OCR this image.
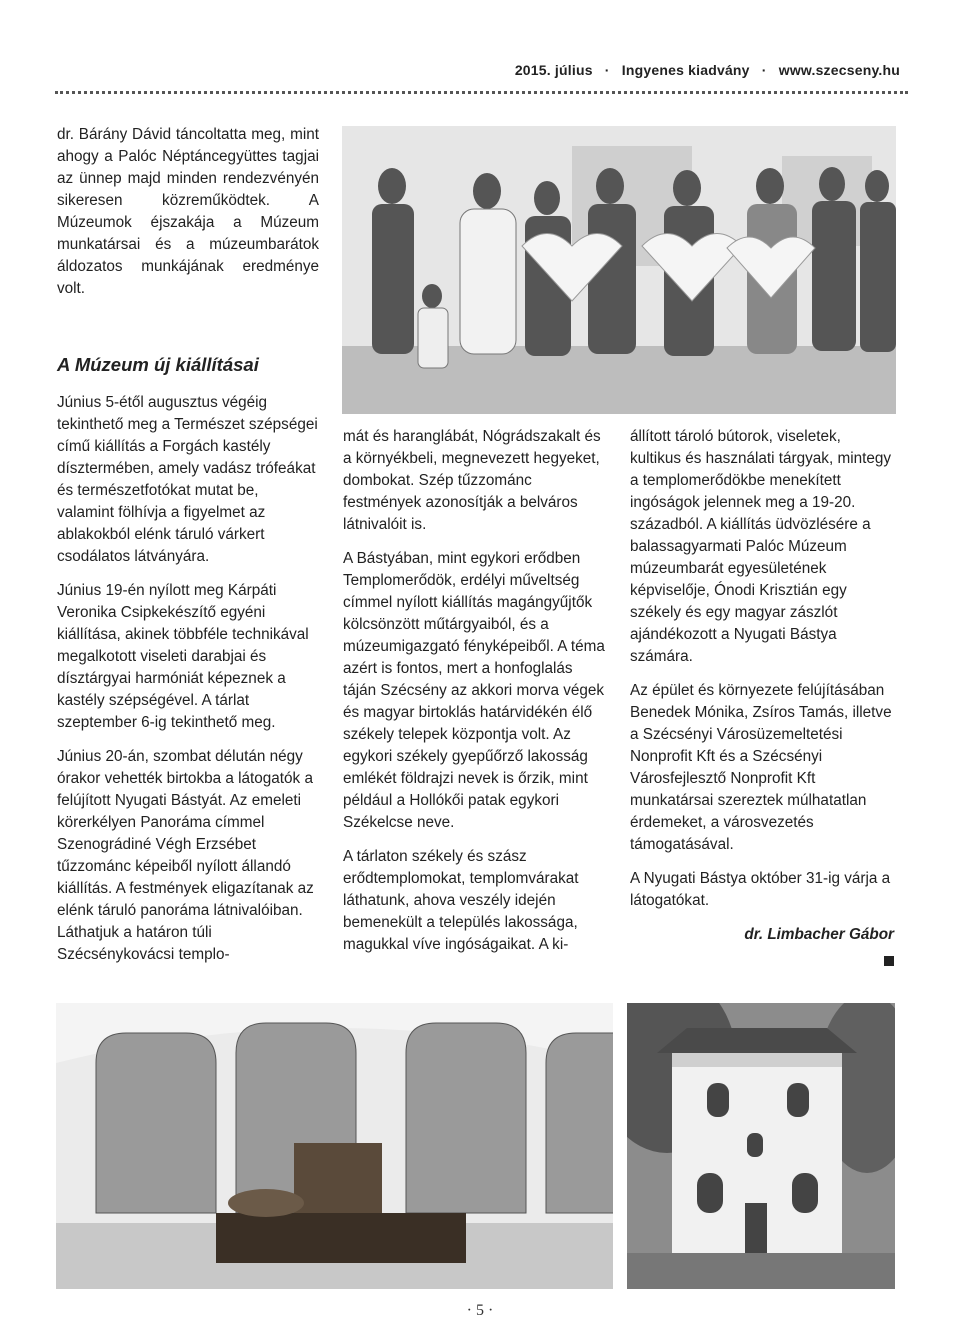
2015. július · Ingyenes kiadvány · www.szecseny.hu
dr. Bárány Dávid táncoltatta meg, mint ahogy a Palóc Néptáncegyüttes tagjai az ünnep majd minden rendezvényén sikeresen közreműködtek. A Múzeumok éjszakája a Múzeum munkatársai és a múzeumbarátok áldozatos munkájának eredménye volt.
A Múzeum új kiállításai

Június 5-étől augusztus végéig tekinthető meg a Természet szépségei című kiállítás a Forgách kastély dísztermében, amely vadász trófeákat és természetfotókat mutat be, valamint fölhívja a figyelmet az ablakokból elénk táruló várkert csodálatos látványára.

Június 19-én nyílott meg Kárpáti Veronika Csipkekészítő egyéni kiállítása, akinek többféle technikával megalkotott viseleti darabjai és dísztárgyai harmóniát képeznek a kastély szépségével. A tárlat szeptember 6-ig tekinthető meg.

Június 20-án, szombat délután négy órakor vehették birtokba a látogatók a felújított Nyugati Bástyát. Az emeleti körerkélyen Panoráma címmel Szenográdiné Végh Erzsébet tűzzománc képeiből nyílott állandó kiállítás. A festmények eligazítanak az elénk táruló panoráma látnivalóiban. Láthatjuk a határon túli Szécsénykovácsi templo-

mát és haranglábát, Nógrádszakalt és a környékbeli, megnevezett hegyeket, dombokat. Szép tűzzománc festmények azonosítják a belváros látnivalóit is.

A Bástyában, mint egykori erődben Templomerődök, erdélyi műveltség címmel nyílott kiállítás magángyűjtők kölcsönzött műtárgyaiból, és a múzeumigazgató fényképeiből. A téma azért is fontos, mert a honfoglalás táján Szécsény az akkori morva végek és magyar birtoklás határvidékén élő székely telepek központja volt. Az egykori székely gyepűőrző lakosság emlékét földrajzi nevek is őrzik, mint például a Hollókői patak egykori Székelcse neve.

A tárlaton székely és szász erődtemplomokat, templomvárakat láthatunk, ahova veszély idején bemenekült a település lakossága, magukkal víve ingóságaikat. A ki-

állított tároló bútorok, viseletek, kultikus és használati tárgyak, mintegy a templomerődökbe menekített ingóságok jelennek meg a 19-20. századból. A kiállítás üdvözlésére a balassagyarmati Palóc Múzeum múzeumbarát egyesületének képviselője, Ónodi Krisztián egy székely és egy magyar zászlót ajándékozott a Nyugati Bástya számára.

Az épület és környezete felújításában Benedek Mónika, Zsíros Tamás, illetve a Szécsényi Városüzemeltetési Nonprofit Kft és a Szécsényi Városfejlesztő Nonprofit Kft munkatársai szereztek múlhatatlan érdemeket, a városvezetés támogatásával.

A Nyugati Bástya október 31-ig várja a látogatókat.

dr. Limbacher Gábor
· 5 ·
